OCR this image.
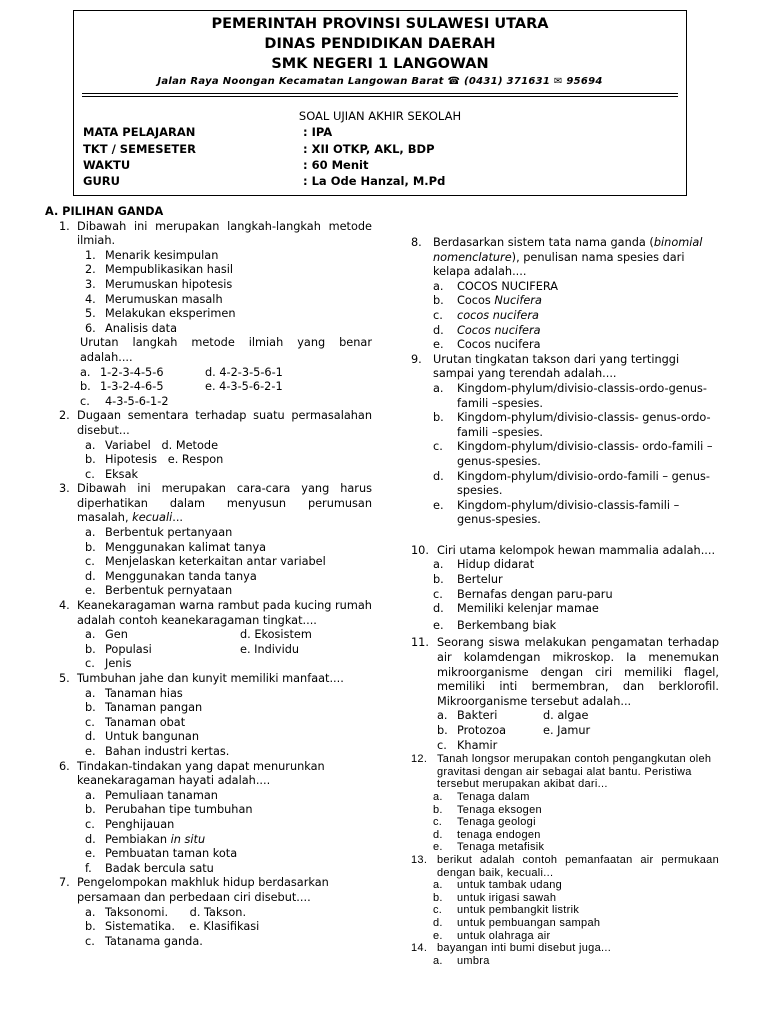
PEMERINTAH PROVINSI SULAWESI UTARA
DINAS PENDIDIKAN DAERAH
SMK NEGERI 1 LANGOWAN
Jalan Raya Noongan Kecamatan Langowan Barat ☎ (0431) 371631 ✉ 95694
SOAL UJIAN AKHIR SEKOLAH
MATA PELAJARAN	: IPA
TKT / SEMESETER	: XII OTKP, AKL, BDP
WAKTU	: 60 Menit
GURU	: La Ode Hanzal, M.Pd
A. PILIHAN GANDA
1. Dibawah ini merupakan langkah-langkah metode ilmiah.
1. Menarik kesimpulan
2. Mempublikasikan hasil
3. Merumuskan hipotesis
4. Merumuskan masalh
5. Melakukan eksperimen
6. Analisis data
Urutan langkah metode ilmiah yang benar adalah....
a. 1-2-3-4-5-6	d. 4-2-3-5-6-1
b. 1-3-2-4-6-5	e. 4-3-5-6-2-1
c.	4-3-5-6-1-2
2. Dugaan sementara terhadap suatu permasalahan disebut...
a. Variabel   d. Metode
b. Hipotesis   e. Respon
c. Eksak
3. Dibawah ini merupakan cara-cara yang harus diperhatikan dalam menyusun perumusan masalah, kecuali...
a. Berbentuk pertanyaan
b. Menggunakan kalimat tanya
c. Menjelaskan keterkaitan antar variabel
d. Menggunakan tanda tanya
e. Berbentuk pernyataan
4. Keanekaragaman warna rambut pada kucing rumah adalah contoh keanekaragaman tingkat....
a. Gen	d. Ekosistem
b. Populasi	e. Individu
c. Jenis
5. Tumbuhan jahe dan kunyit memiliki manfaat....
a. Tanaman hias
b. Tanaman pangan
c. Tanaman obat
d. Untuk bangunan
e. Bahan industri kertas.
6. Tindakan-tindakan yang dapat menurunkan keanekaragaman hayati adalah....
a. Pemuliaan tanaman
b. Perubahan tipe tumbuhan
c. Penghijauan
d. Pembiakan in situ
e. Pembuatan taman kota
f.	Badak bercula satu
7. Pengelompokan makhluk hidup berdasarkan persamaan dan perbedaan ciri disebut....
a. Taksonomi.      d. Takson.
b. Sistematika.    e. Klasifikasi
c. Tatanama ganda.
8. Berdasarkan sistem tata nama ganda (binomial nomenclature), penulisan nama spesies dari kelapa adalah....
a.	COCOS NUCIFERA
b.	Cocos Nucifera
c.	cocos nucifera
d.	Cocos nucifera
e.	Cocos nucifera
9. Urutan tingkatan takson dari yang tertinggi sampai yang terendah adalah....
a.	Kingdom-phylum/divisio-classis-ordo-genus-famili –spesies.
b.	Kingdom-phylum/divisio-classis- genus-ordo-famili –spesies.
c.	Kingdom-phylum/divisio-classis- ordo-famili – genus-spesies.
d.	Kingdom-phylum/divisio-ordo-famili – genus-spesies.
e.	Kingdom-phylum/divisio-classis-famili – genus-spesies.
10. Ciri utama kelompok hewan mammalia adalah....
a.	Hidup didarat
b.	Bertelur
c.	Bernafas dengan paru-paru
d.	Memiliki kelenjar mamae
e.	Berkembang biak
11. Seorang siswa melakukan pengamatan terhadap air kolamdengan mikroskop. Ia menemukan mikroorganisme dengan ciri memiliki flagel, memiliki inti bermembran, dan berklorofil. Mikroorganisme tersebut adalah...
a. Bakteri	d. algae
b. Protozoa	e. Jamur
c. Khamir
12. Tanah longsor merupakan contoh pengangkutan oleh gravitasi dengan air sebagai alat bantu. Peristiwa tersebut merupakan akibat dari...
a.	Tenaga dalam
b.	Tenaga eksogen
c.	Tenaga geologi
d.	tenaga endogen
e.	Tenaga metafisik
13. berikut adalah contoh pemanfaatan air permukaan dengan baik, kecuali...
a.	untuk tambak udang
b.	untuk irigasi sawah
c.	untuk pembangkit listrik
d.	untuk pembuangan sampah
e.	untuk olahraga air
14. bayangan inti bumi disebut juga...
a.	umbra
